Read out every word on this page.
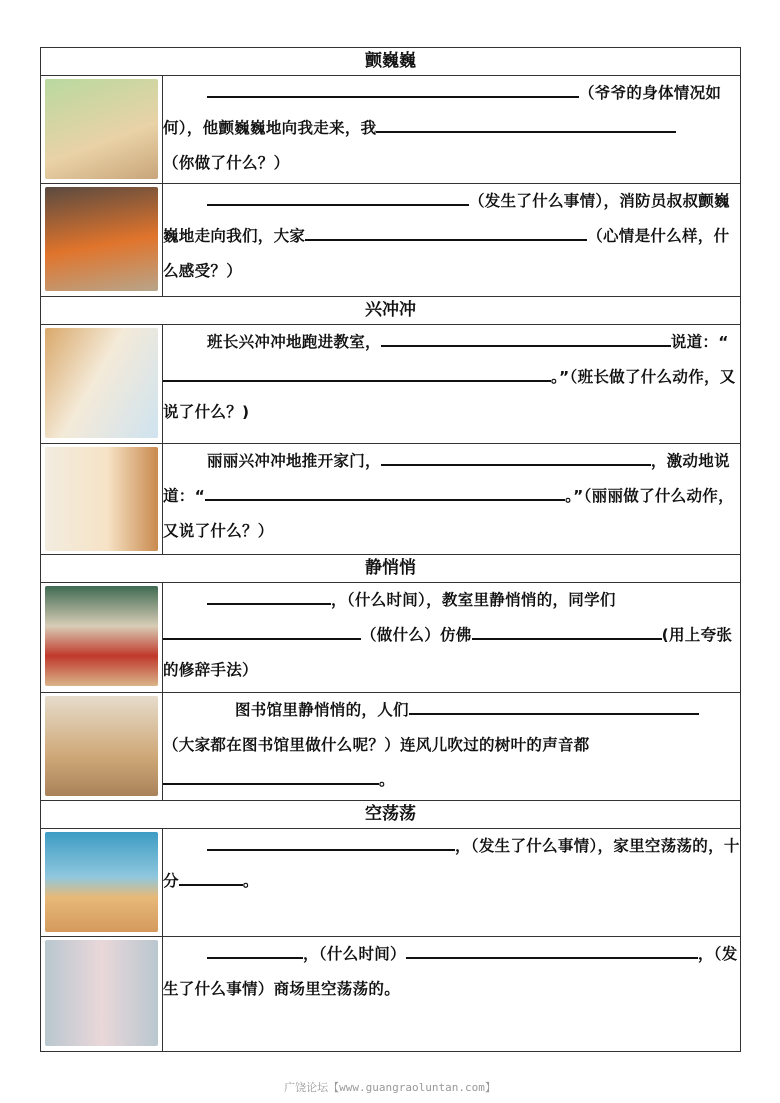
颤巍巍	

	（爷爷的身体情况如何），他颤巍巍地向我走来，我
（你做了什么？）

	（发生了什么事情），消防员叔叔颤巍巍地走向我们，大家 （心情是什么样，什么感受？）
兴冲冲	

	班长兴冲冲地跑进教室， 说道：“。”（班长做了什么动作，又说了什么？)

	丽丽兴冲冲地推开家门， ，激动地说道：“ 。”（丽丽做了什么动作，又说了什么？）
静悄悄	

	，（什么时间），教室里静悄悄的，同学们（做什么）仿佛 (用上夸张的修辞手法）

	图书馆里静悄悄的，人们
（大家都在图书馆里做什么呢？）连风儿吹过的树叶的声音都
。
空荡荡	

	，（发生了什么事情），家里空荡荡的，十分 。

	，（什么时间） ，（发生了什么事情）商场里空荡荡的。
广饶论坛【www.guangraoluntan.com】
